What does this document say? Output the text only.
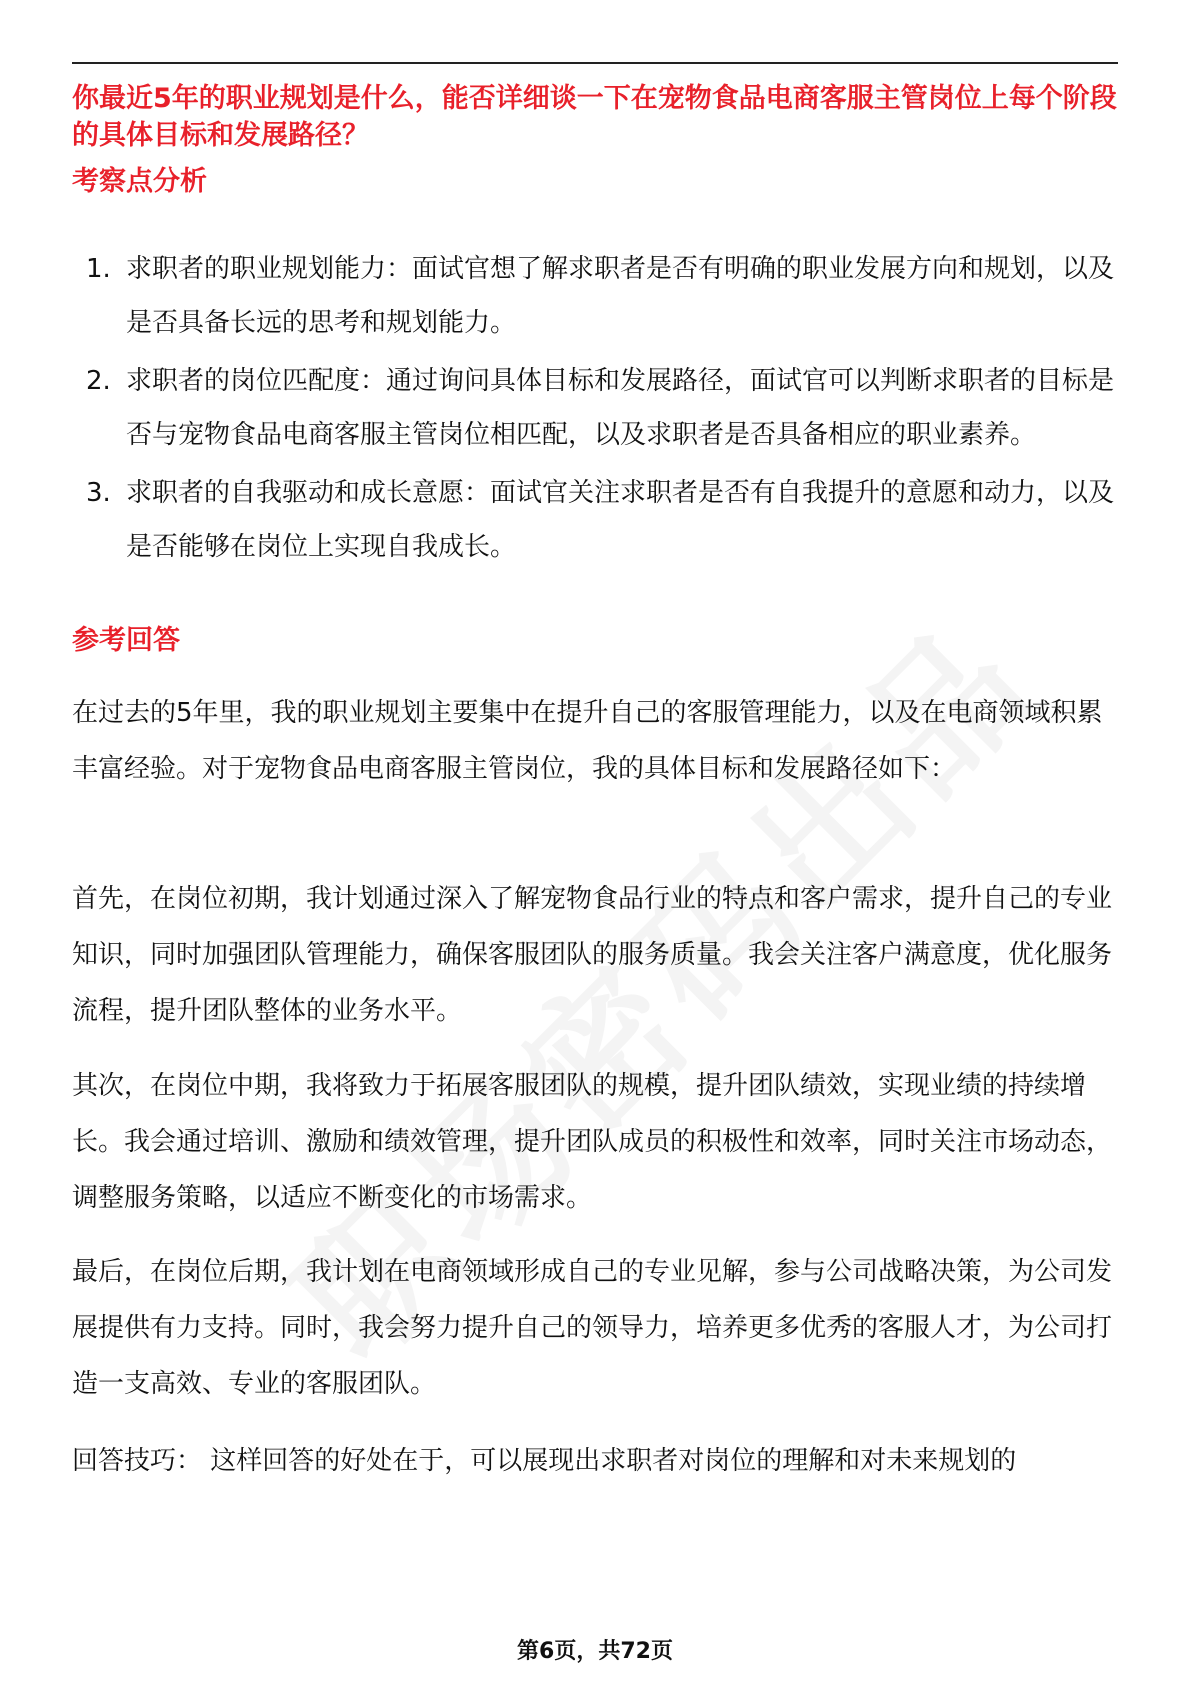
你最近5年的职业规划是什么，能否详细谈一下在宠物食品电商客服主管岗位上每个阶段的具体目标和发展路径？
考察点分析
1. 求职者的职业规划能力：面试官想了解求职者是否有明确的职业发展方向和规划，以及是否具备长远的思考和规划能力。
2. 求职者的岗位匹配度：通过询问具体目标和发展路径，面试官可以判断求职者的目标是否与宠物食品电商客服主管岗位相匹配，以及求职者是否具备相应的职业素养。
3. 求职者的自我驱动和成长意愿：面试官关注求职者是否有自我提升的意愿和动力，以及是否能够在岗位上实现自我成长。
参考回答
在过去的5年里，我的职业规划主要集中在提升自己的客服管理能力，以及在电商领域积累丰富经验。对于宠物食品电商客服主管岗位，我的具体目标和发展路径如下：
首先，在岗位初期，我计划通过深入了解宠物食品行业的特点和客户需求，提升自己的专业知识，同时加强团队管理能力，确保客服团队的服务质量。我会关注客户满意度，优化服务流程，提升团队整体的业务水平。
其次，在岗位中期，我将致力于拓展客服团队的规模，提升团队绩效，实现业绩的持续增长。我会通过培训、激励和绩效管理，提升团队成员的积极性和效率，同时关注市场动态，调整服务策略，以适应不断变化的市场需求。
最后，在岗位后期，我计划在电商领域形成自己的专业见解，参与公司战略决策，为公司发展提供有力支持。同时，我会努力提升自己的领导力，培养更多优秀的客服人才，为公司打造一支高效、专业的客服团队。
回答技巧： 这样回答的好处在于，可以展现出求职者对岗位的理解和对未来规划的
第6页，共72页
